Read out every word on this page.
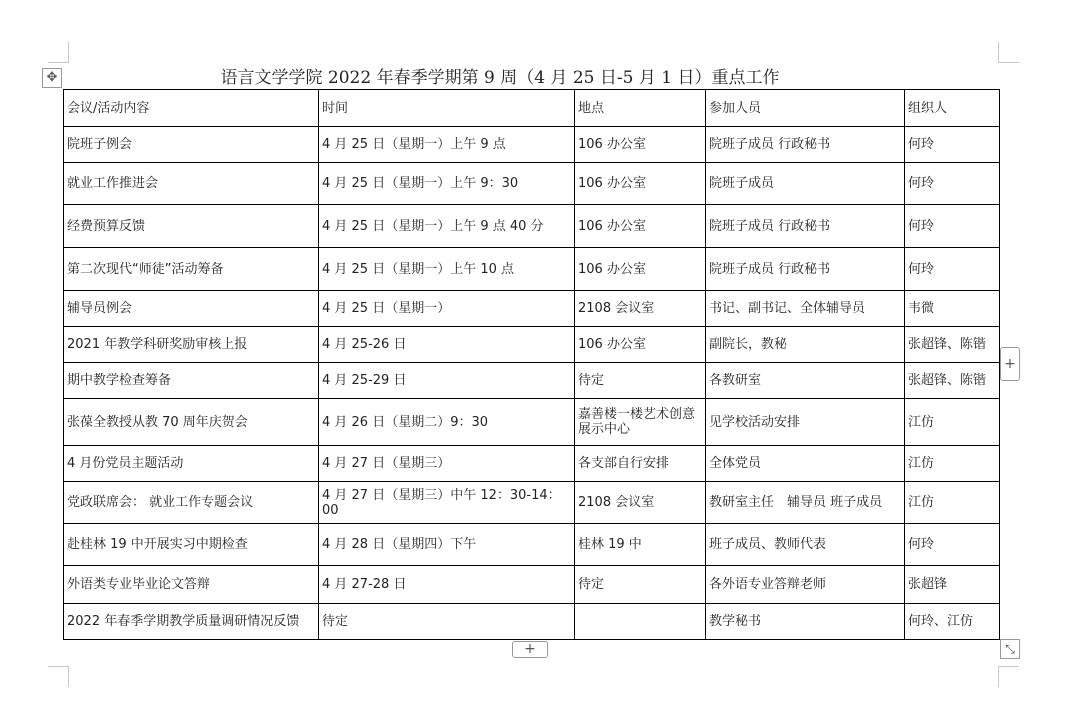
✥	语言文学学院 2022 年春季学期第 9 周（4 月 25 日-5 月 1 日）重点工作
会议/活动内容	时间	地点	参加人员	组织人
院班子例会	4 月 25 日（星期一）上午 9 点	106 办公室	院班子成员 行政秘书	何玲
就业工作推进会	4 月 25 日（星期一）上午 9：30	106 办公室	院班子成员	何玲
经费预算反馈	4 月 25 日（星期一）上午 9 点 40 分	106 办公室	院班子成员 行政秘书	何玲
第二次现代“师徒”活动筹备	4 月 25 日（星期一）上午 10 点	106 办公室	院班子成员 行政秘书	何玲
辅导员例会	4 月 25 日（星期一）	2108 会议室	书记、副书记、全体辅导员	韦微
2021 年教学科研奖励审核上报	4 月 25-26 日	106 办公室	副院长，教秘	张超锋、陈锴
期中教学检查筹备	4 月 25-29 日	待定	各教研室	张超锋、陈锴
张葆全教授从教 70 周年庆贺会	4 月 26 日（星期二）9：30	嘉善楼一楼艺术创意展示中心	见学校活动安排	江仿
4 月份党员主题活动	4 月 27 日（星期三）	各支部自行安排	全体党员	江仿
党政联席会： 就业工作专题会议	4 月 27 日（星期三）中午 12：30-14：00	2108 会议室	教研室主任　辅导员 班子成员	江仿
赴桂林 19 中开展实习中期检查	4 月 28 日（星期四）下午	桂林 19 中	班子成员、教师代表	何玲
外语类专业毕业论文答辩	4 月 27-28 日	待定	各外语专业答辩老师	张超锋
2022 年春季学期教学质量调研情况反馈	待定		教学秘书	何玲、江仿
+
+
⤡
